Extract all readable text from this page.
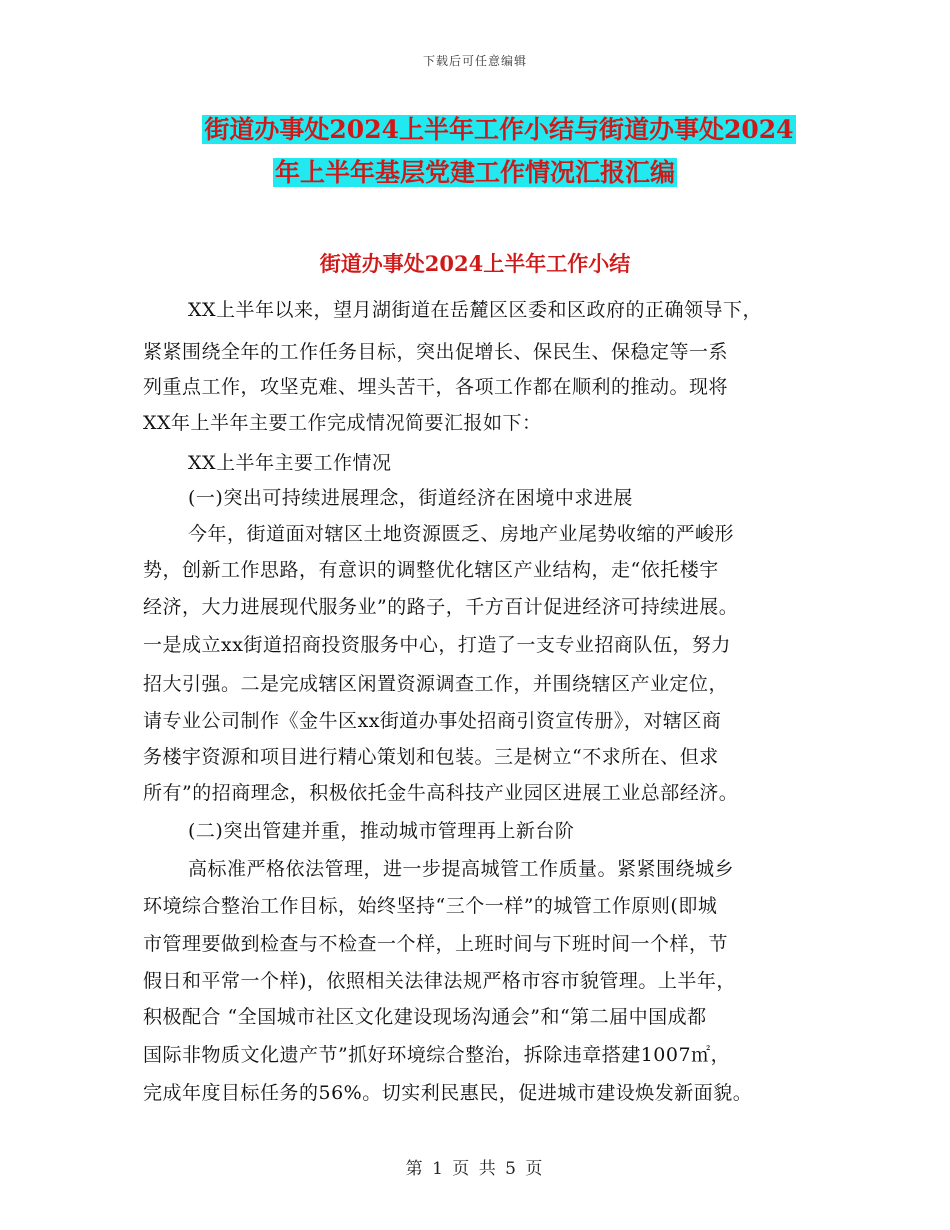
下载后可任意编辑
街道办事处2024上半年工作小结与街道办事处2024
年上半年基层党建工作情况汇报汇编
街道办事处2024上半年工作小结
XX上半年以来，望月湖街道在岳麓区区委和区政府的正确领导下，
紧紧围绕全年的工作任务目标，突出促增长、保民生、保稳定等一系
列重点工作，攻坚克难、埋头苦干，各项工作都在顺利的推动。现将
XX年上半年主要工作完成情况简要汇报如下：
XX上半年主要工作情况
(一)突出可持续进展理念，街道经济在困境中求进展
今年，街道面对辖区土地资源匮乏、房地产业尾势收缩的严峻形
势，创新工作思路，有意识的调整优化辖区产业结构，走“依托楼宇
经济，大力进展现代服务业”的路子，千方百计促进经济可持续进展。
一是成立xx街道招商投资服务中心，打造了一支专业招商队伍，努力
招大引强。二是完成辖区闲置资源调查工作，并围绕辖区产业定位，
请专业公司制作《金牛区xx街道办事处招商引资宣传册》，对辖区商
务楼宇资源和项目进行精心策划和包装。三是树立“不求所在、但求
所有”的招商理念，积极依托金牛高科技产业园区进展工业总部经济。
(二)突出管建并重，推动城市管理再上新台阶
高标准严格依法管理，进一步提高城管工作质量。紧紧围绕城乡
环境综合整治工作目标，始终坚持“三个一样”的城管工作原则(即城
市管理要做到检查与不检查一个样，上班时间与下班时间一个样，节
假日和平常一个样)，依照相关法律法规严格市容市貌管理。上半年，
积极配合 “全国城市社区文化建设现场沟通会”和“第二届中国成都
国际非物质文化遗产节”抓好环境综合整治，拆除违章搭建1007㎡，
完成年度目标任务的56%。切实利民惠民，促进城市建设焕发新面貌。
第 1 页 共 5 页
